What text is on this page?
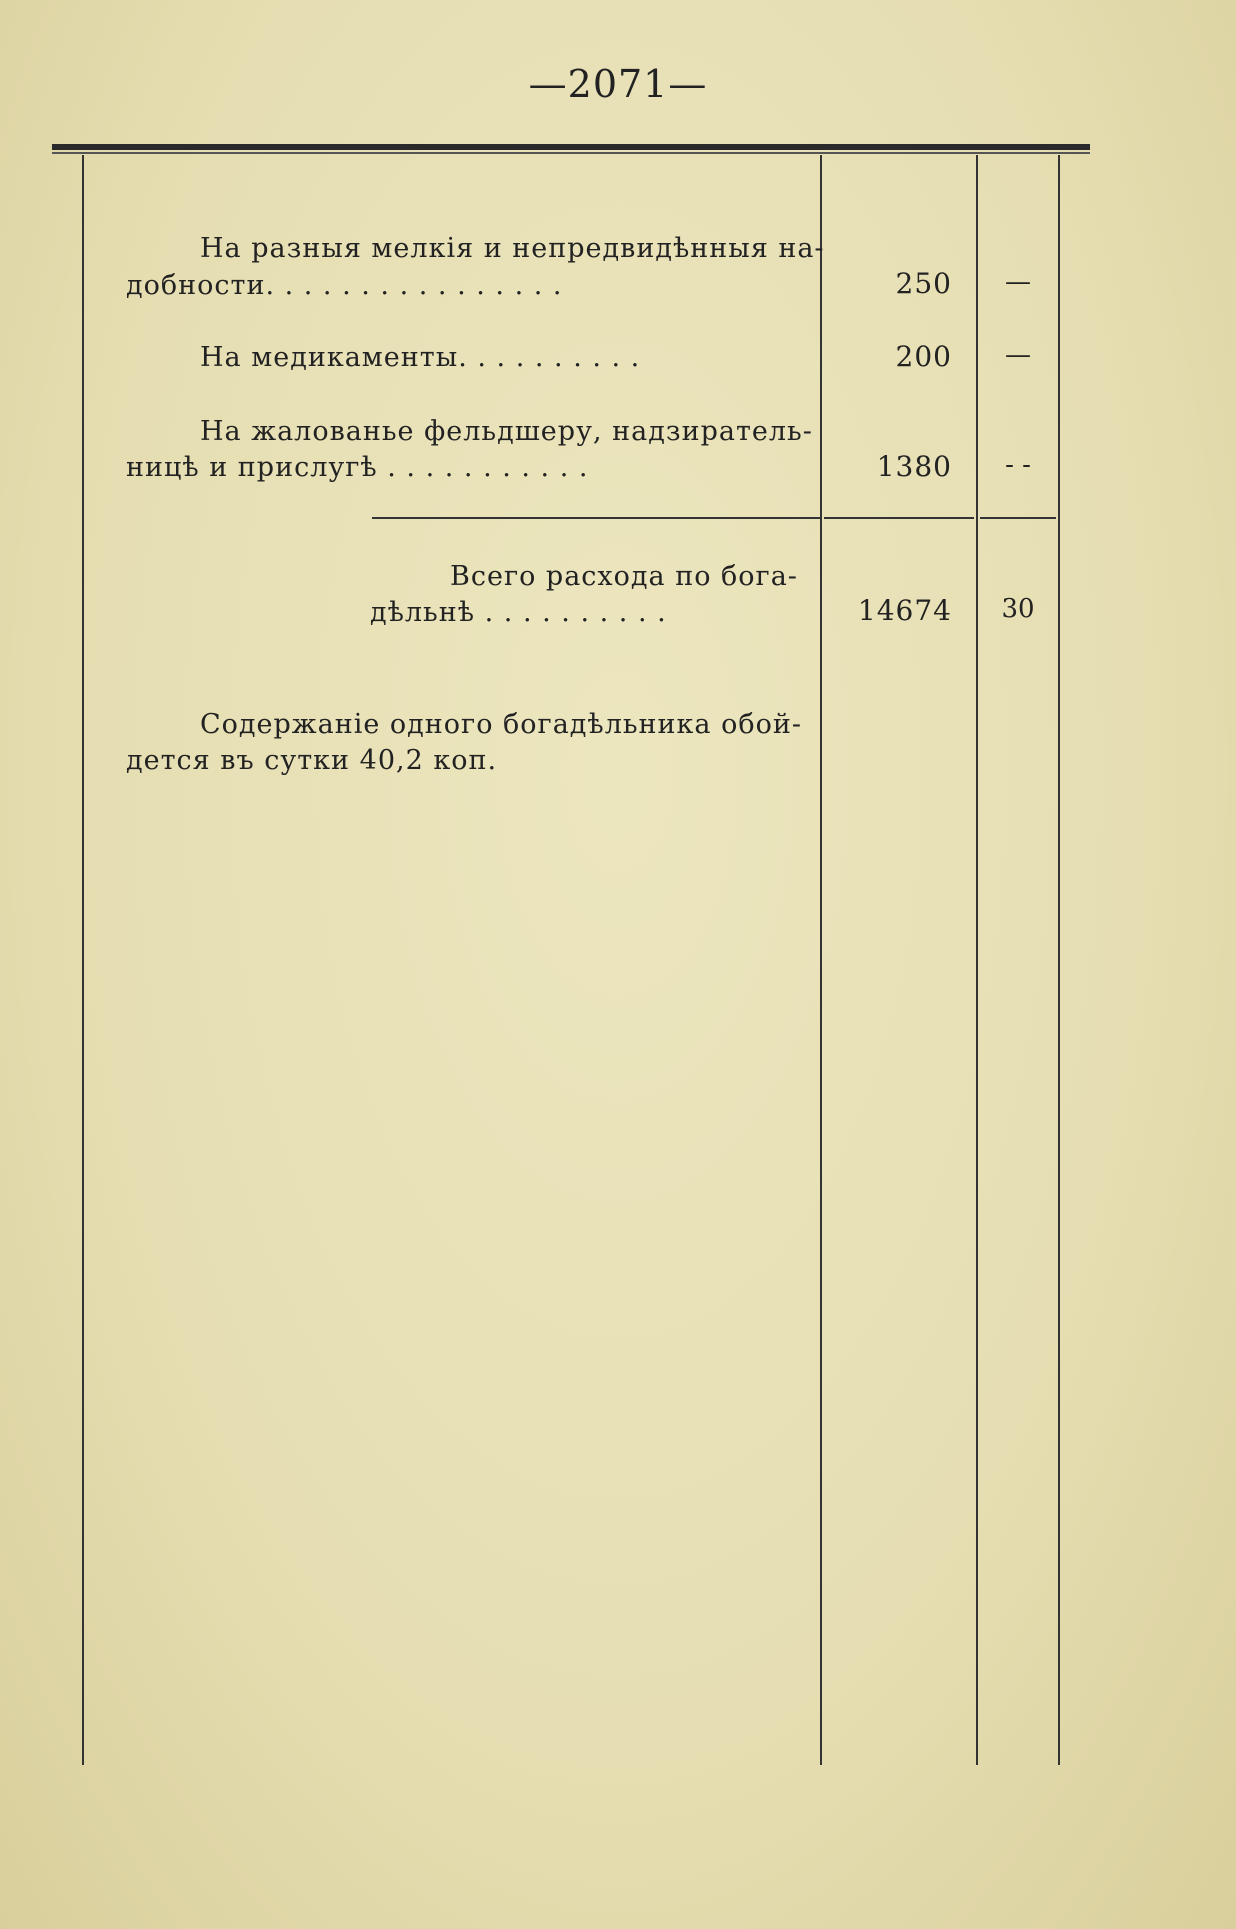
—2071—
На разныя мелкія и непредвидѣнныя на-
добности. . . . . . . . . . . . . . . .	250	—
На медикаменты. . . . . . . . . .	200	—
На жалованье фельдшеру, надзиратель-
ницѣ и прислугѣ . . . . . . . . . . .	1380	- -
Всего расхода по бога-
дѣльнѣ . . . . . . . . . .	14674	30
Содержаніе одного богадѣльника обой-
дется въ сутки 40,2 коп.
